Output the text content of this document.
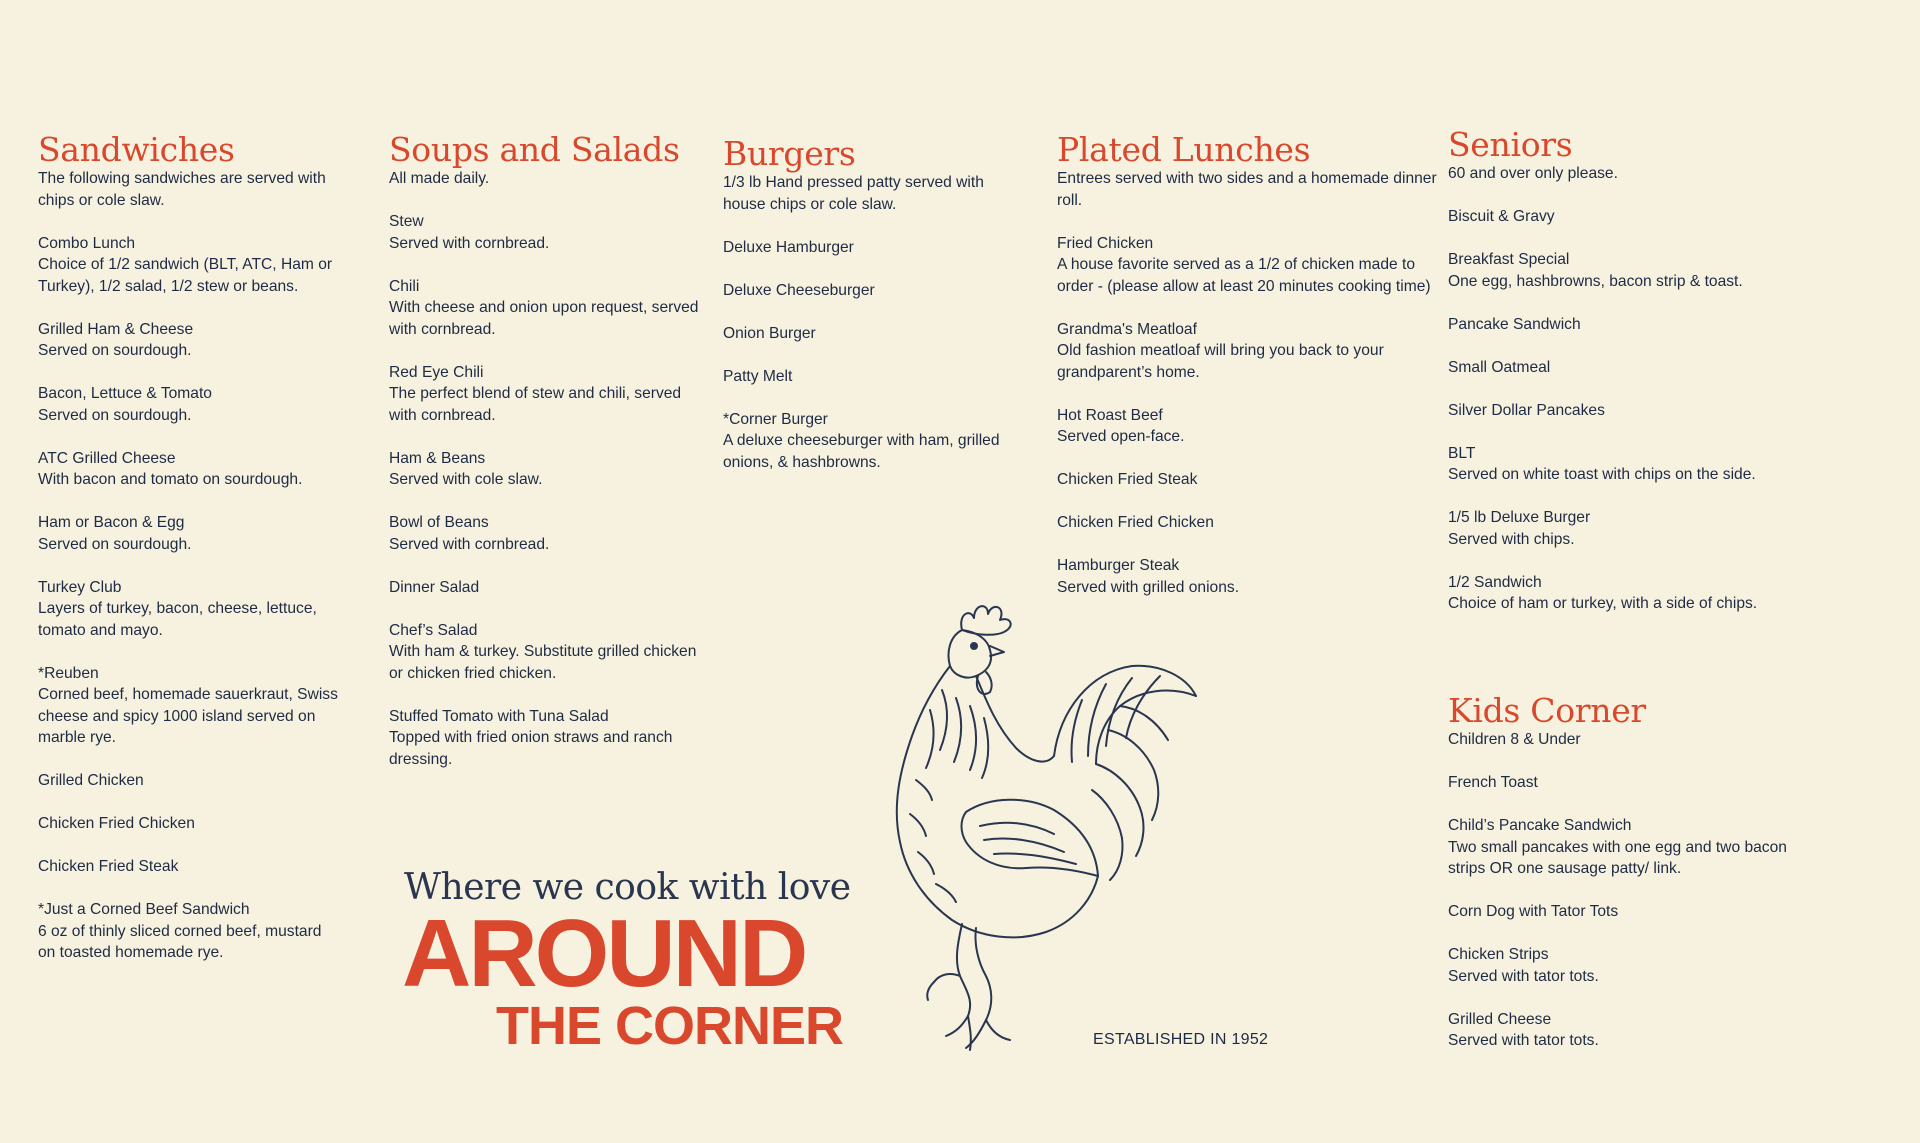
Sandwiches

The following sandwiches are served with chips or cole slaw.

Combo Lunch
Choice of 1/2 sandwich (BLT, ATC, Ham or Turkey), 1/2 salad, 1/2 stew or beans.
Grilled Ham & Cheese
Served on sourdough.
Bacon, Lettuce & Tomato
Served on sourdough.
ATC Grilled Cheese
With bacon and tomato on sourdough.
Ham or Bacon & Egg
Served on sourdough.
Turkey Club
Layers of turkey, bacon, cheese, lettuce, tomato and mayo.
*Reuben
Corned beef, homemade sauerkraut, Swiss cheese and spicy 1000 island served on marble rye.
Grilled Chicken
Chicken Fried Chicken
Chicken Fried Steak
*Just a Corned Beef Sandwich
6 oz of thinly sliced corned beef, mustard on toasted homemade rye.
Soups and Salads

All made daily.

Stew
Served with cornbread.
Chili
With cheese and onion upon request, served with cornbread.
Red Eye Chili
The perfect blend of stew and chili, served with cornbread.
Ham & Beans
Served with cole slaw.
Bowl of Beans
Served with cornbread.
Dinner Salad
Chef’s Salad
With ham & turkey. Substitute grilled chicken or chicken fried chicken.
Stuffed Tomato with Tuna Salad
Topped with fried onion straws and ranch dressing.
Burgers

1/3 lb Hand pressed patty served with house chips or cole slaw.

Deluxe Hamburger
Deluxe Cheeseburger
Onion Burger
Patty Melt
*Corner Burger
A deluxe cheeseburger with ham, grilled onions, & hashbrowns.
Plated Lunches

Entrees served with two sides and a homemade dinner roll.

Fried Chicken
A house favorite served as a 1/2 of chicken made to order - (please allow at least 20 minutes cooking time)
Grandma's Meatloaf
Old fashion meatloaf will bring you back to your grandparent’s home.
Hot Roast Beef
Served open-face.
Chicken Fried Steak
Chicken Fried Chicken
Hamburger Steak
Served with grilled onions.
Seniors

60 and over only please.

Biscuit & Gravy
Breakfast Special
One egg, hashbrowns, bacon strip & toast.
Pancake Sandwich
Small Oatmeal
Silver Dollar Pancakes
BLT
Served on white toast with chips on the side.
1/5 lb Deluxe Burger
Served with chips.
1/2 Sandwich
Choice of ham or turkey, with a side of chips.
Kids Corner

Children 8 & Under

French Toast
Child’s Pancake Sandwich
Two small pancakes with one egg and two bacon strips OR one sausage patty/ link.
Corn Dog with Tator Tots
Chicken Strips
Served with tator tots.
Grilled Cheese
Served with tator tots.
Where we cook with love
AROUND
THE CORNER	ESTABLISHED IN 1952
